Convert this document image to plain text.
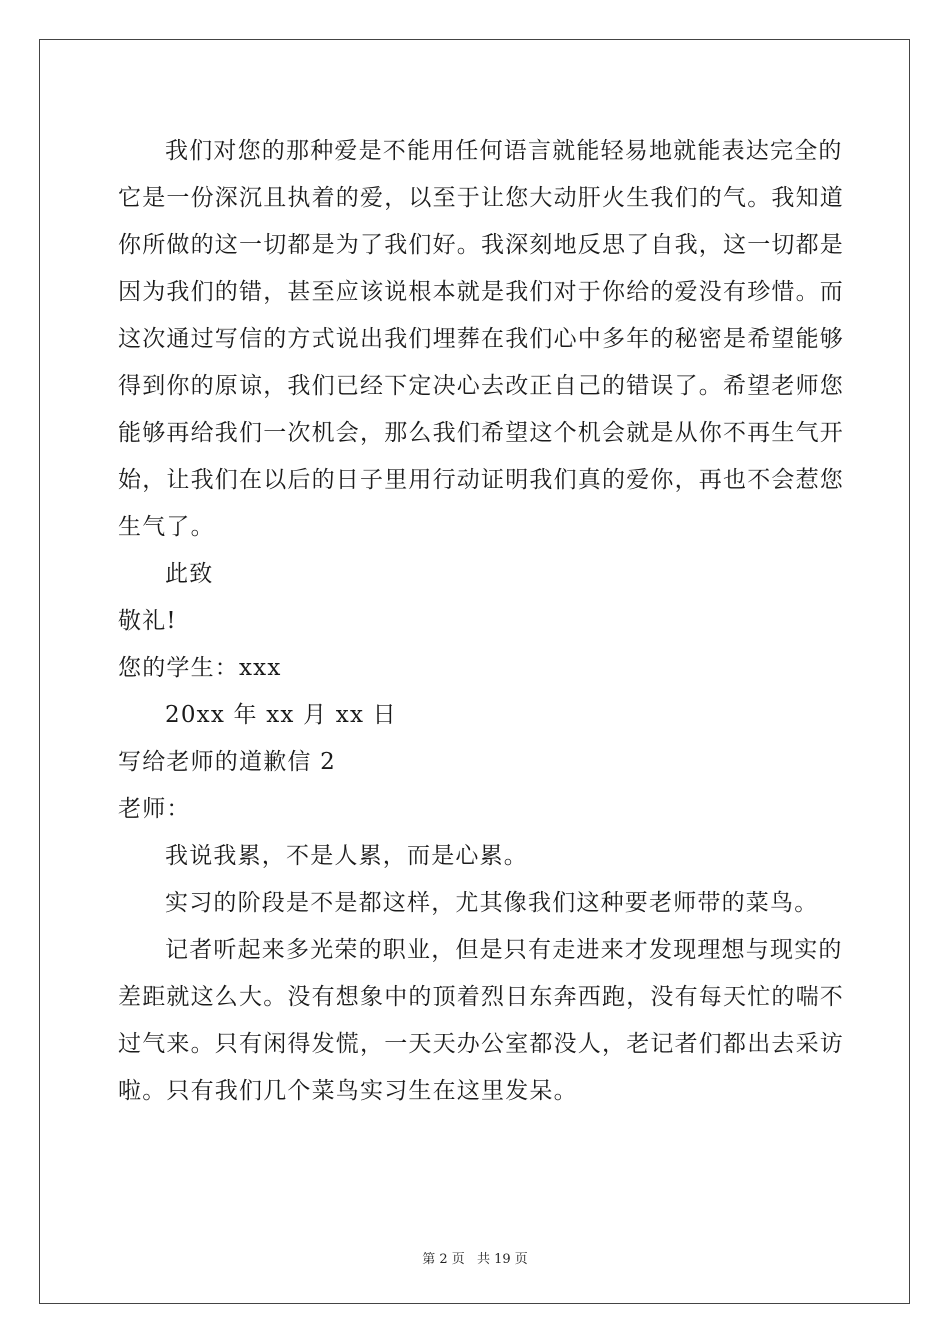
我们对您的那种爱是不能用任何语言就能轻易地就能表达完全的
它是一份深沉且执着的爱，以至于让您大动肝火生我们的气。我知道
你所做的这一切都是为了我们好。我深刻地反思了自我，这一切都是
因为我们的错，甚至应该说根本就是我们对于你给的爱没有珍惜。而
这次通过写信的方式说出我们埋葬在我们心中多年的秘密是希望能够
得到你的原谅，我们已经下定决心去改正自己的错误了。希望老师您
能够再给我们一次机会，那么我们希望这个机会就是从你不再生气开
始，让我们在以后的日子里用行动证明我们真的爱你，再也不会惹您
生气了。
此致
敬礼!
您的学生：xxx
20xx 年 xx 月 xx 日
写给老师的道歉信 2
老师：
我说我累，不是人累，而是心累。
实习的阶段是不是都这样，尤其像我们这种要老师带的菜鸟。
记者听起来多光荣的职业，但是只有走进来才发现理想与现实的
差距就这么大。没有想象中的顶着烈日东奔西跑，没有每天忙的喘不
过气来。只有闲得发慌，一天天办公室都没人，老记者们都出去采访
啦。只有我们几个菜鸟实习生在这里发呆。
第 2 页 共 19 页
